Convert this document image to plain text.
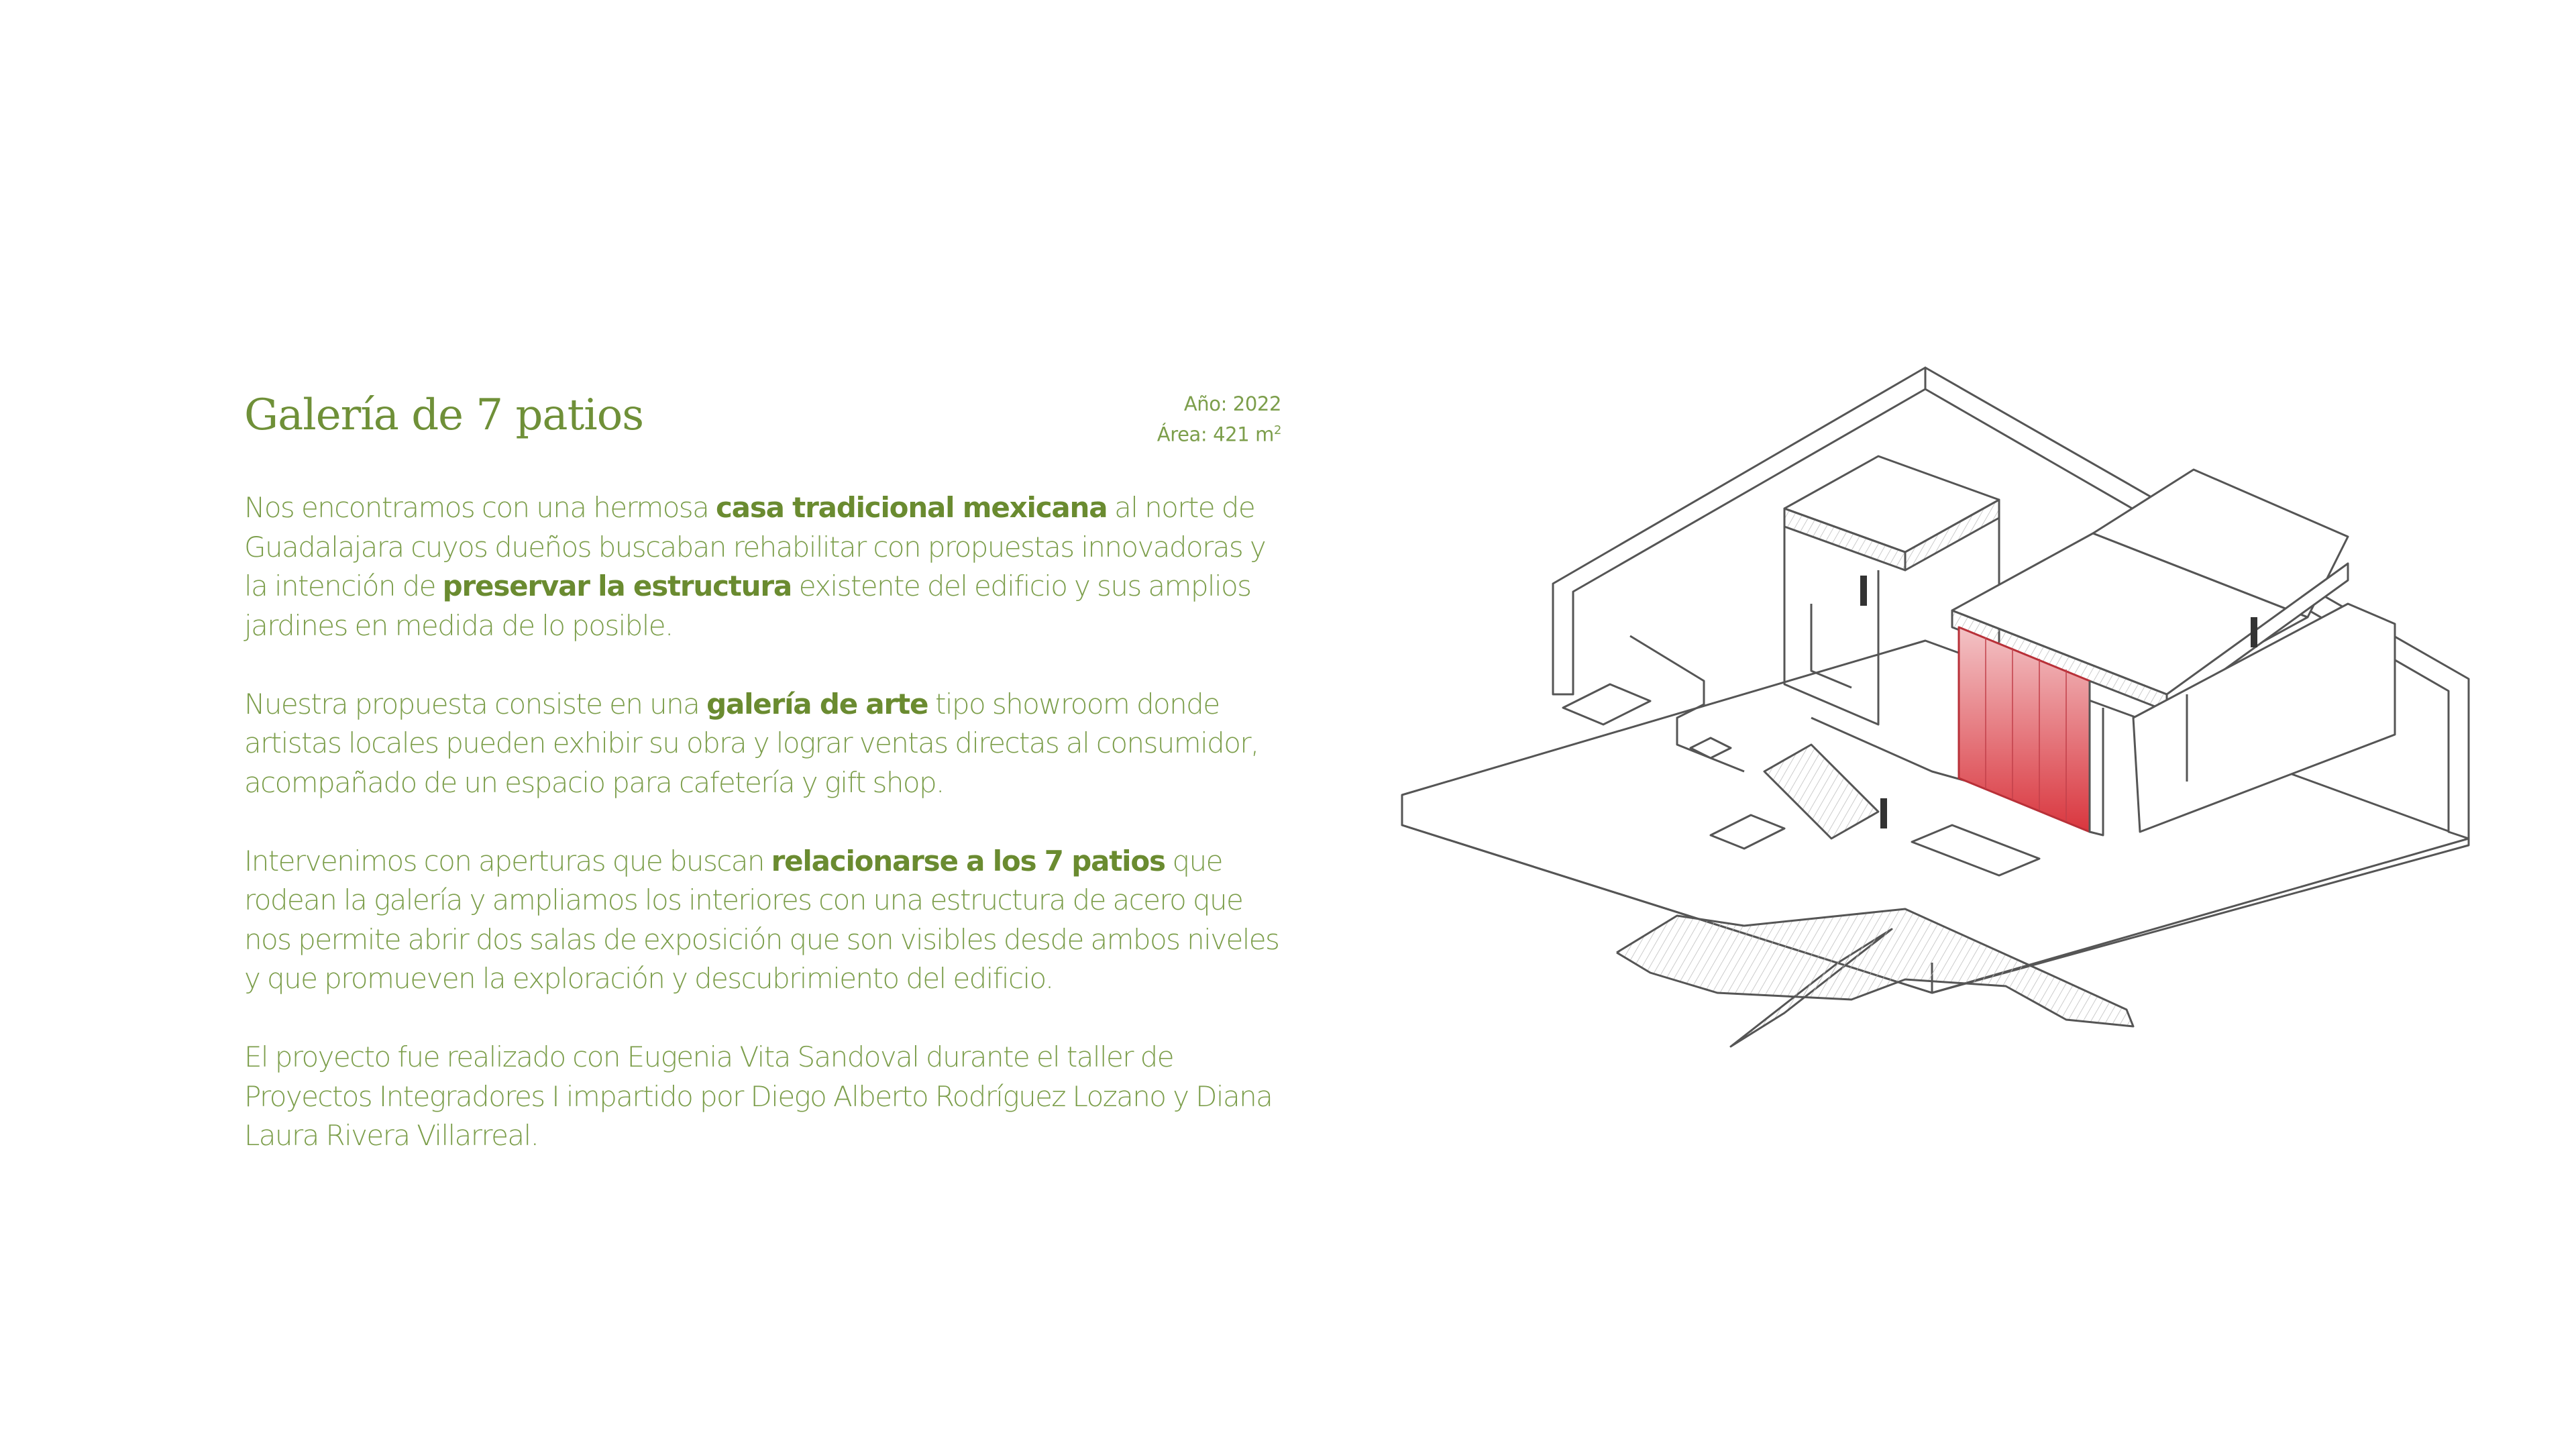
Galería de 7 patios	Año: 2022
Área: 421 $m^2$

Nos encontramos con una hermosa casa tradicional mexicana al norte de Guadalajara cuyos dueños buscaban rehabilitar con propuestas innovadoras y la intención de preservar la estructura existente del edificio y sus amplios jardines en medida de lo posible.

Nuestra propuesta consiste en una galería de arte tipo showroom donde artistas locales pueden exhibir su obra y lograr ventas directas al consumidor, acompañado de un espacio para cafetería y gift shop.

Intervenimos con aperturas que buscan relacionarse a los 7 patios que rodean la galería y ampliamos los interiores con una estructura de acero que nos permite abrir dos salas de exposición que son visibles desde ambos niveles y que promueven la exploración y descubrimiento del edificio.

El proyecto fue realizado con Eugenia Vita Sandoval durante el taller de Proyectos Integradores I impartido por Diego Alberto Rodríguez Lozano y Diana Laura Rivera Villarreal.
